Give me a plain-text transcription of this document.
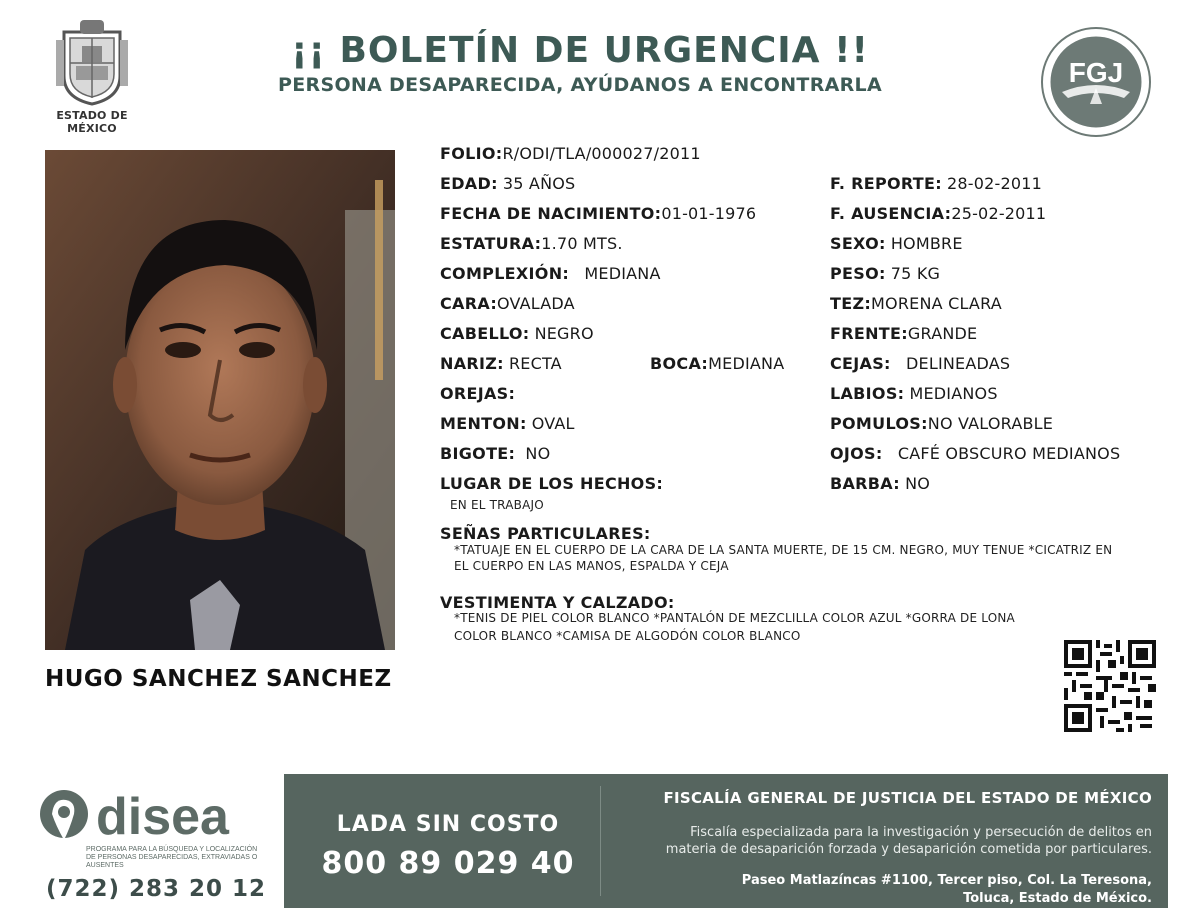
ESTADO DE MÉXICO
¡¡ BOLETÍN DE URGENCIA !!
PERSONA DESAPARECIDA, AYÚDANOS A ENCONTRARLA	FGJ
HUGO SANCHEZ SANCHEZ
FOLIO:R/ODI/TLA/000027/2011
EDAD: 35 AÑOS	F. REPORTE: 28-02-2011
FECHA DE NACIMIENTO:01-01-1976	F. AUSENCIA:25-02-2011
ESTATURA:1.70 MTS.	SEXO: HOMBRE
COMPLEXIÓN: MEDIANA	PESO: 75 KG
CARA:OVALADA	TEZ:MORENA CLARA
CABELLO: NEGRO	FRENTE:GRANDE
NARIZ: RECTA	BOCA:MEDIANA	CEJAS: DELINEADAS
OREJAS:	LABIOS: MEDIANOS
MENTON: OVAL	POMULOS:NO VALORABLE
BIGOTE: NO	OJOS: CAFÉ OBSCURO MEDIANOS
LUGAR DE LOS HECHOS:
EN EL TRABAJO
BARBA: NO
SEÑAS PARTICULARES:
*TATUAJE EN EL CUERPO DE LA CARA DE LA SANTA MUERTE, DE 15 CM. NEGRO, MUY TENUE *CICATRIZ EN
EL CUERPO EN LAS MANOS, ESPALDA Y CEJA
VESTIMENTA Y CALZADO:
*TENIS DE PIEL COLOR BLANCO *PANTALÓN DE MEZCLILLA COLOR AZUL *GORRA DE LONA
COLOR BLANCO *CAMISA DE ALGODÓN COLOR BLANCO
disea
PROGRAMA PARA LA BÚSQUEDA Y LOCALIZACIÓN
DE PERSONAS DESAPARECIDAS, EXTRAVIADAS O
AUSENTES
(722) 283 20 12
LADA SIN COSTO
800 89 029 40
FISCALÍA GENERAL DE JUSTICIA DEL ESTADO DE MÉXICO
Fiscalía especializada para la investigación y persecución de delitos en
materia de desaparición forzada y desaparición cometida por particulares.
Paseo Matlazíncas #1100, Tercer piso, Col. La Teresona,
Toluca, Estado de México.
